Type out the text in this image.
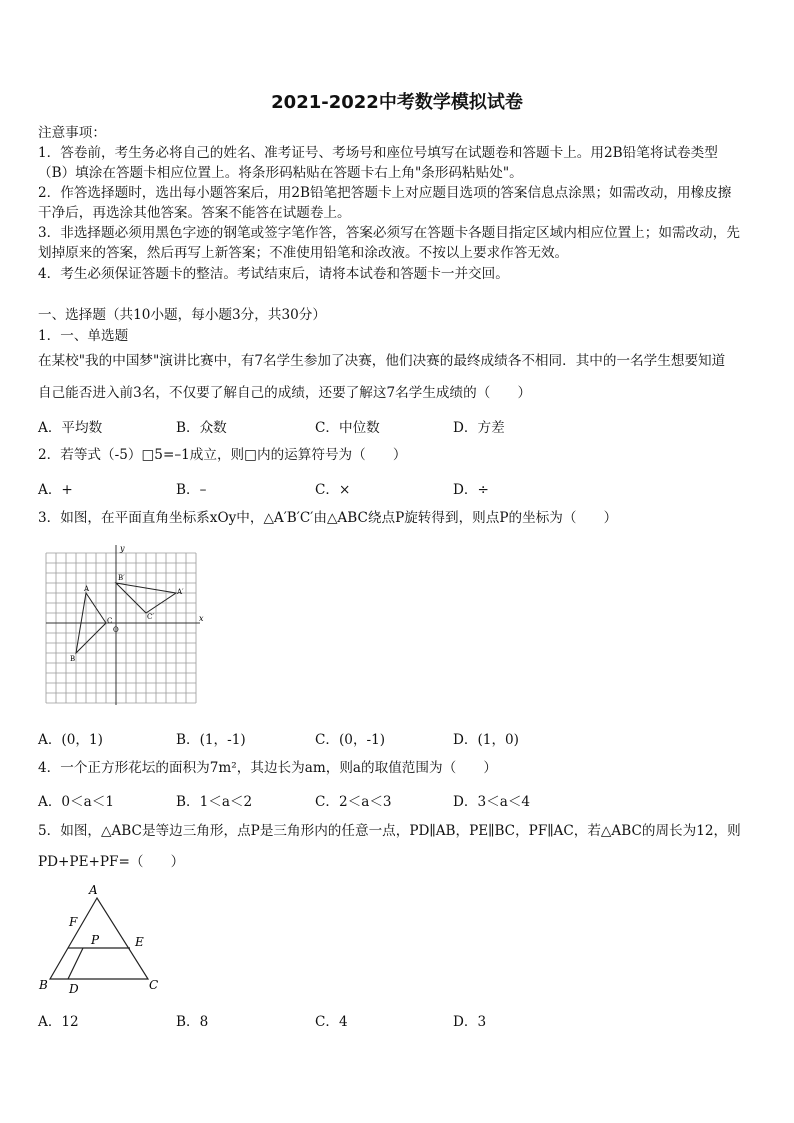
2021-2022中考数学模拟试卷
注意事项：
1．答卷前，考生务必将自己的姓名、准考证号、考场号和座位号填写在试题卷和答题卡上。用2B铅笔将试卷类型
（B）填涂在答题卡相应位置上。将条形码粘贴在答题卡右上角"条形码粘贴处"。
2．作答选择题时，选出每小题答案后，用2B铅笔把答题卡上对应题目选项的答案信息点涂黑；如需改动，用橡皮擦
干净后，再选涂其他答案。答案不能答在试题卷上。
3．非选择题必须用黑色字迹的钢笔或签字笔作答，答案必须写在答题卡各题目指定区域内相应位置上；如需改动，先
划掉原来的答案，然后再写上新答案；不准使用铅笔和涂改液。不按以上要求作答无效。
4．考生必须保证答题卡的整洁。考试结束后，请将本试卷和答题卡一并交回。
一、选择题（共10小题，每小题3分，共30分）
1．一、单选题
在某校"我的中国梦"演讲比赛中，有7名学生参加了决赛，他们决赛的最终成绩各不相同．其中的一名学生想要知道
自己能否进入前3名，不仅要了解自己的成绩，还要了解这7名学生成绩的（　　）
A．平均数	B．众数	C．中位数	D．方差
2．若等式（-5）□5=–1成立，则□内的运算符号为（　　）
A．+	B．–	C．×	D．÷
3．如图，在平面直角坐标系xOy中，△A′B′C′由△ABC绕点P旋转得到，则点P的坐标为（　　）
y
x
O
A
B
C
A′
B′
C′
A．(0，1)	B．(1，-1)	C．(0，-1)	D．(1，0)
4．一个正方形花坛的面积为7m²，其边长为am，则a的取值范围为（　　）
A．0＜a＜1	B．1＜a＜2	C．2＜a＜3	D．3＜a＜4
5．如图，△ABC是等边三角形，点P是三角形内的任意一点，PD∥AB，PE∥BC，PF∥AC，若△ABC的周长为12，则
PD+PE+PF=（　　）
A
B	C
D
E
F
P
A．12	B．8	C．4	D．3
